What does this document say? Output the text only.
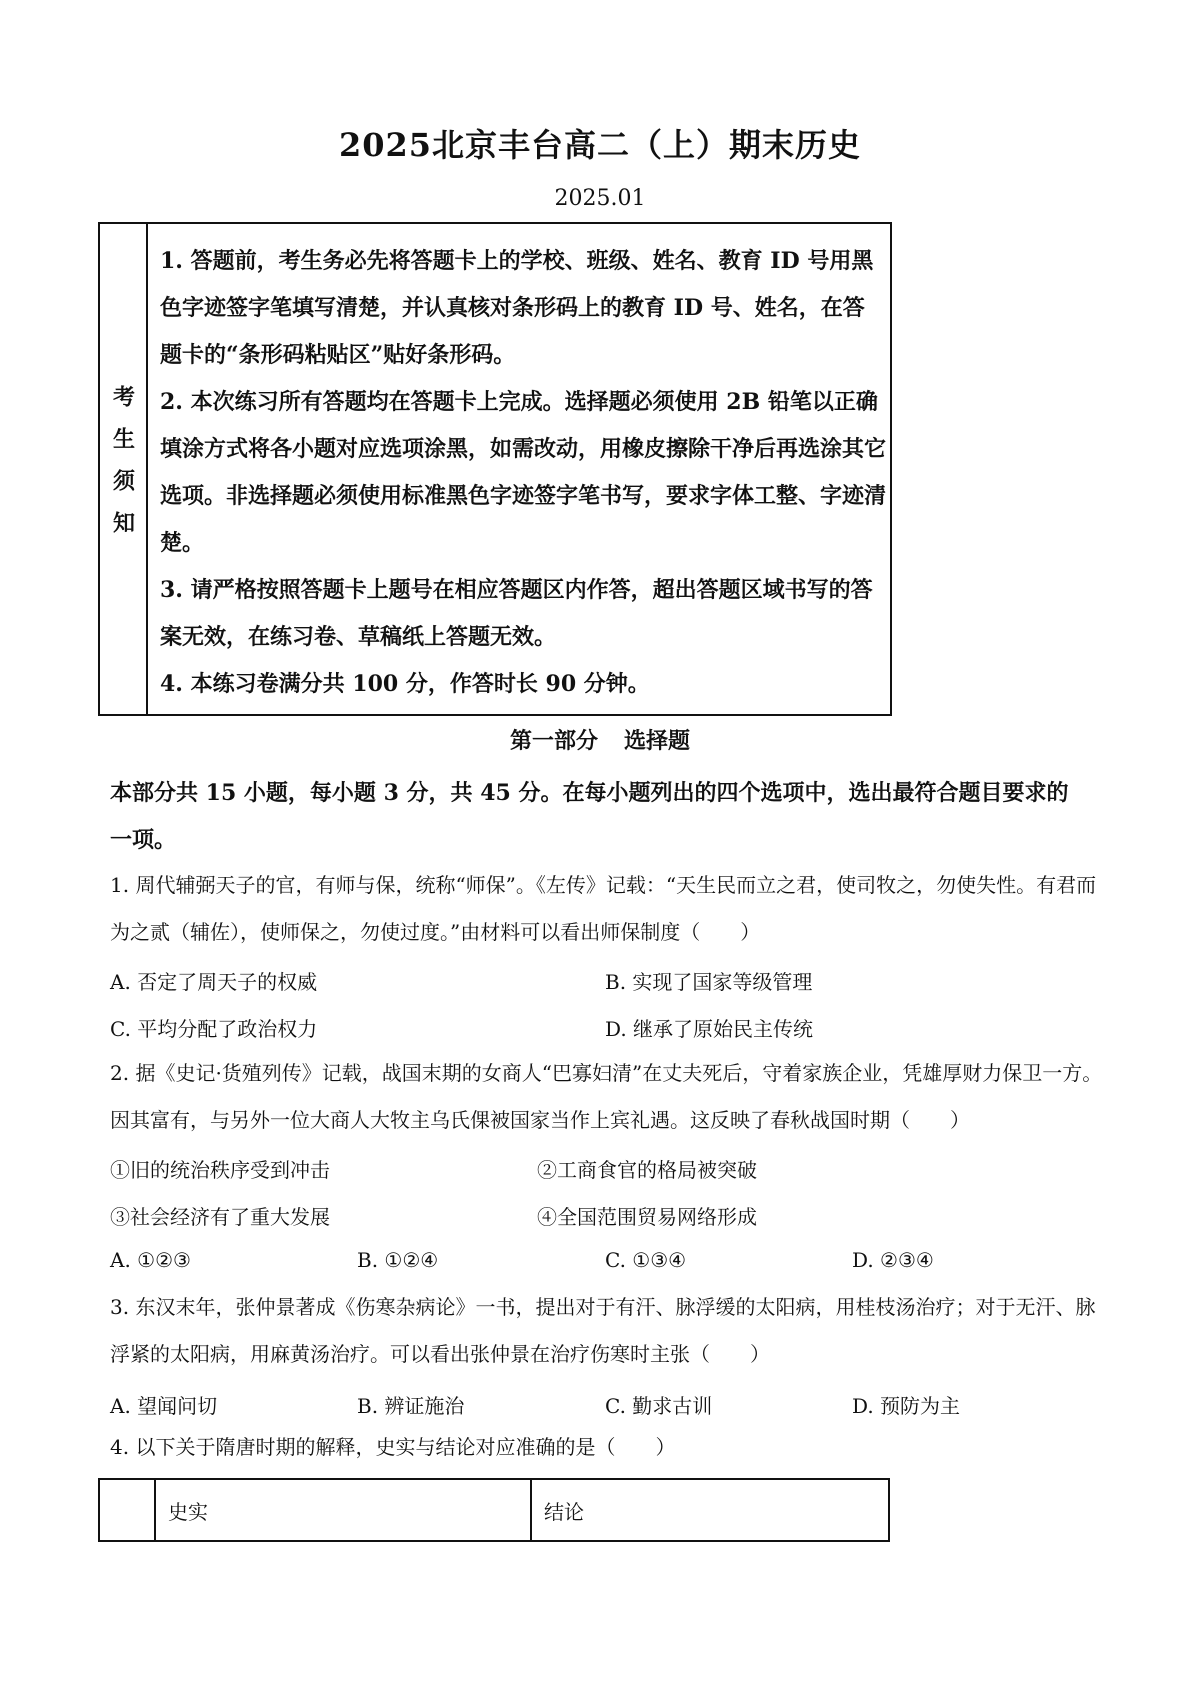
2025北京丰台高二（上）期末历史
2025.01
考生须知

1. 答题前，考生务必先将答题卡上的学校、班级、姓名、教育 ID 号用黑色字迹签字笔填写清楚，并认真核对条形码上的教育 ID 号、姓名，在答题卡的“条形码粘贴区”贴好条形码。

2. 本次练习所有答题均在答题卡上完成。选择题必须使用 2B 铅笔以正确填涂方式将各小题对应选项涂黑，如需改动，用橡皮擦除干净后再选涂其它选项。非选择题必须使用标准黑色字迹签字笔书写，要求字体工整、字迹清楚。

3. 请严格按照答题卡上题号在相应答题区内作答，超出答题区域书写的答案无效，在练习卷、草稿纸上答题无效。

4. 本练习卷满分共 100 分，作答时长 90 分钟。

第一部分 选择题
本部分共 15 小题，每小题 3 分，共 45 分。在每小题列出的四个选项中，选出最符合题目要求的一项。
1. 周代辅弼天子的官，有师与保，统称“师保”。《左传》记载：“天生民而立之君，使司牧之，勿使失性。有君而为之贰（辅佐），使师保之，勿使过度。”由材料可以看出师保制度（　　）
A. 否定了周天子的权威	B. 实现了国家等级管理
C. 平均分配了政治权力	D. 继承了原始民主传统
2. 据《史记·货殖列传》记载，战国末期的女商人“巴寡妇清”在丈夫死后，守着家族企业，凭雄厚财力保卫一方。因其富有，与另外一位大商人大牧主乌氏倮被国家当作上宾礼遇。这反映了春秋战国时期（　　）
①旧的统治秩序受到冲击	②工商食官的格局被突破
③社会经济有了重大发展	④全国范围贸易网络形成
A. ①②③	B. ①②④	C. ①③④	D. ②③④
3. 东汉末年，张仲景著成《伤寒杂病论》一书，提出对于有汗、脉浮缓的太阳病，用桂枝汤治疗；对于无汗、脉浮紧的太阳病，用麻黄汤治疗。可以看出张仲景在治疗伤寒时主张（　　）
A. 望闻问切	B. 辨证施治	C. 勤求古训	D. 预防为主
4. 以下关于隋唐时期的解释，史实与结论对应准确的是（　　）
	史实	结论
